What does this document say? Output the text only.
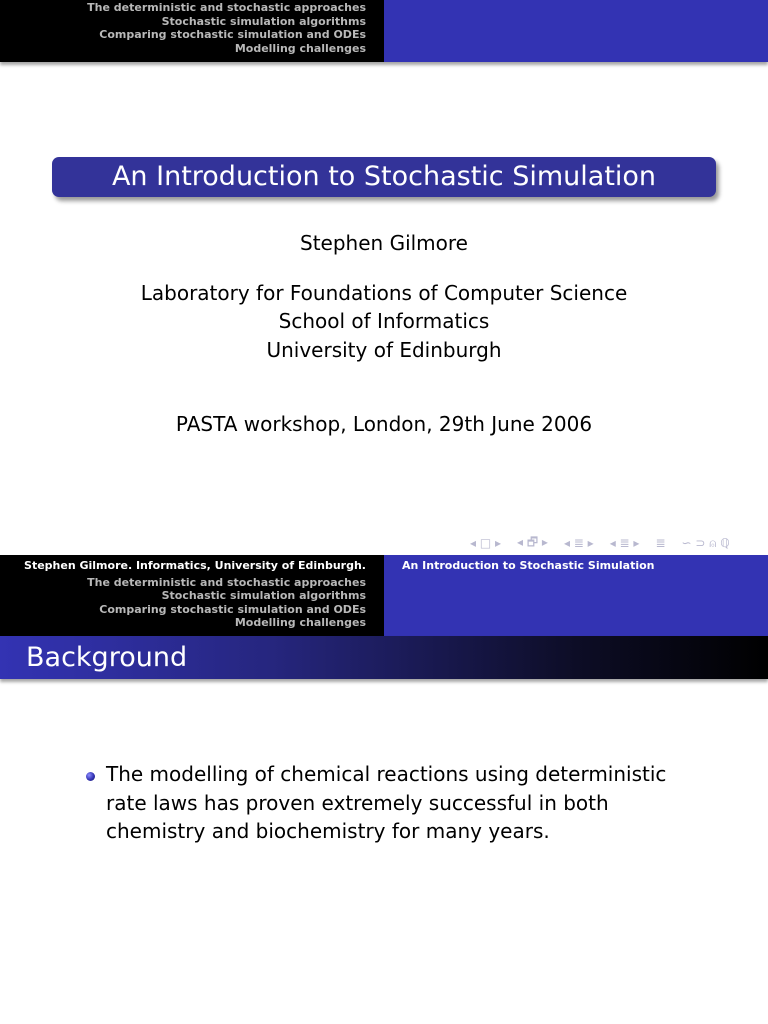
The deterministic and stochastic approaches
Stochastic simulation algorithms
Comparing stochastic simulation and ODEs
Modelling challenges
An Introduction to Stochastic Simulation
Stephen Gilmore
Laboratory for Foundations of Computer Science
School of Informatics
University of Edinburgh
PASTA workshop, London, 29th June 2006
◂ □ ▸ ◂ 🗗 ▸ ◂ ≣ ▸ ◂ ≣ ▸ ≣ ∽ ⊃ ⍝ ℚ
Stephen Gilmore. Informatics, University of Edinburgh.
The deterministic and stochastic approaches
Stochastic simulation algorithms
Comparing stochastic simulation and ODEs
Modelling challenges
An Introduction to Stochastic Simulation
Background
The modelling of chemical reactions using deterministic rate laws has proven extremely successful in both chemistry and biochemistry for many years.
